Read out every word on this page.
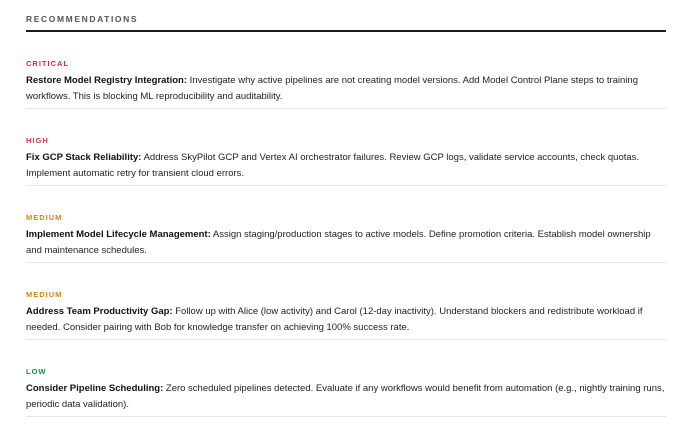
RECOMMENDATIONS
CRITICAL
Restore Model Registry Integration: Investigate why active pipelines are not creating model versions. Add Model Control Plane steps to training workflows. This is blocking ML reproducibility and auditability.
HIGH
Fix GCP Stack Reliability: Address SkyPilot GCP and Vertex AI orchestrator failures. Review GCP logs, validate service accounts, check quotas. Implement automatic retry for transient cloud errors.
MEDIUM
Implement Model Lifecycle Management: Assign staging/production stages to active models. Define promotion criteria. Establish model ownership and maintenance schedules.
MEDIUM
Address Team Productivity Gap: Follow up with Alice (low activity) and Carol (12-day inactivity). Understand blockers and redistribute workload if needed. Consider pairing with Bob for knowledge transfer on achieving 100% success rate.
LOW
Consider Pipeline Scheduling: Zero scheduled pipelines detected. Evaluate if any workflows would benefit from automation (e.g., nightly training runs, periodic data validation).
